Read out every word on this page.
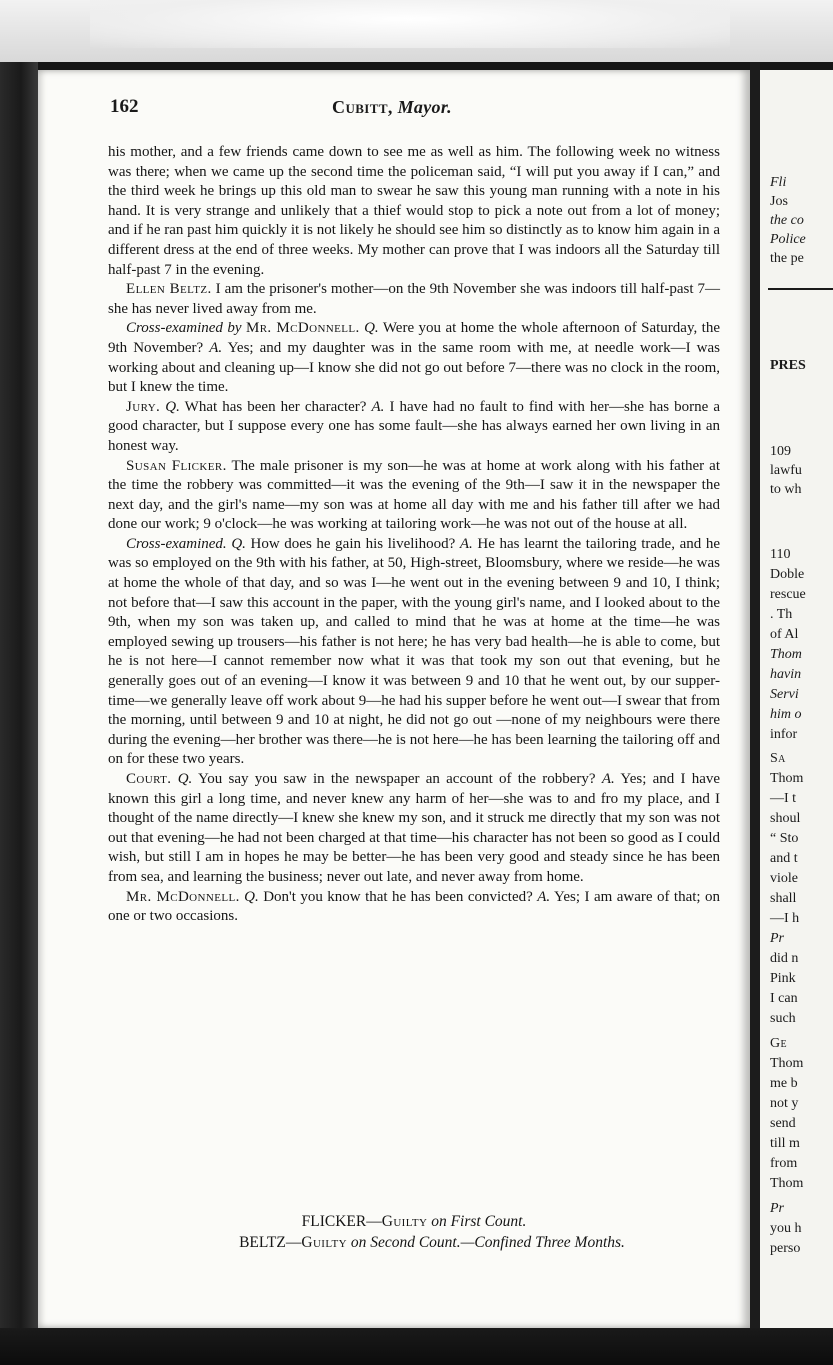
Fli
Jos
the co
Police
the pe
PRES
109
lawfu
to wh
110
Doble
rescue
. Th
of Al
Thom
havin
Servi
him o
infor
Sa
Thom
—I t
shoul
“ Sto
and t
viole
shall
—I h
Pr
did n
Pink
I can
such
Ge
Thom
me b
not y
send
till m
from
Thom
Pr
you h
perso
162	Cubitt, Mayor.

his mother, and a few friends came down to see me as well as him. The following week no witness was there; when we came up the second time the policeman said, “I will put you away if I can,” and the third week he brings up this old man to swear he saw this young man running with a note in his hand. It is very strange and unlikely that a thief would stop to pick a note out from a lot of money; and if he ran past him quickly it is not likely he should see him so distinctly as to know him again in a different dress at the end of three weeks. My mother can prove that I was indoors all the Saturday till half-past 7 in the evening.

Ellen Beltz. I am the prisoner's mother—on the 9th November she was indoors till half-past 7—she has never lived away from me.

Cross-examined by Mr. McDonnell. Q. Were you at home the whole afternoon of Saturday, the 9th November? A. Yes; and my daughter was in the same room with me, at needle work—I was working about and cleaning up—I know she did not go out before 7—there was no clock in the room, but I knew the time.

Jury. Q. What has been her character? A. I have had no fault to find with her—she has borne a good character, but I suppose every one has some fault—she has always earned her own living in an honest way.

Susan Flicker. The male prisoner is my son—he was at home at work along with his father at the time the robbery was committed—it was the evening of the 9th—I saw it in the newspaper the next day, and the girl's name—my son was at home all day with me and his father till after we had done our work; 9 o'clock—he was working at tailoring work—he was not out of the house at all.

Cross-examined. Q. How does he gain his livelihood? A. He has learnt the tailoring trade, and he was so employed on the 9th with his father, at 50, High-street, Bloomsbury, where we reside—he was at home the whole of that day, and so was I—he went out in the evening between 9 and 10, I think; not before that—I saw this account in the paper, with the young girl's name, and I looked about to the 9th, when my son was taken up, and called to mind that he was at home at the time—he was employed sewing up trousers—his father is not here; he has very bad health—he is able to come, but he is not here—I cannot remember now what it was that took my son out that evening, but he generally goes out of an evening—I know it was between 9 and 10 that he went out, by our supper-time—we generally leave off work about 9—he had his supper before he went out—I swear that from the morning, until between 9 and 10 at night, he did not go out —none of my neighbours were there during the evening—her brother was there—he is not here—he has been learning the tailoring off and on for these two years.

Court. Q. You say you saw in the newspaper an account of the robbery? A. Yes; and I have known this girl a long time, and never knew any harm of her—she was to and fro my place, and I thought of the name directly—I knew she knew my son, and it struck me directly that my son was not out that evening—he had not been charged at that time—his character has not been so good as I could wish, but still I am in hopes he may be better—he has been very good and steady since he has been from sea, and learning the business; never out late, and never away from home.

Mr. McDonnell. Q. Don't you know that he has been convicted? A. Yes; I am aware of that; on one or two occasions.

FLICKER—Guilty on First Count.
BELTZ—Guilty on Second Count.—Confined Three Months.
